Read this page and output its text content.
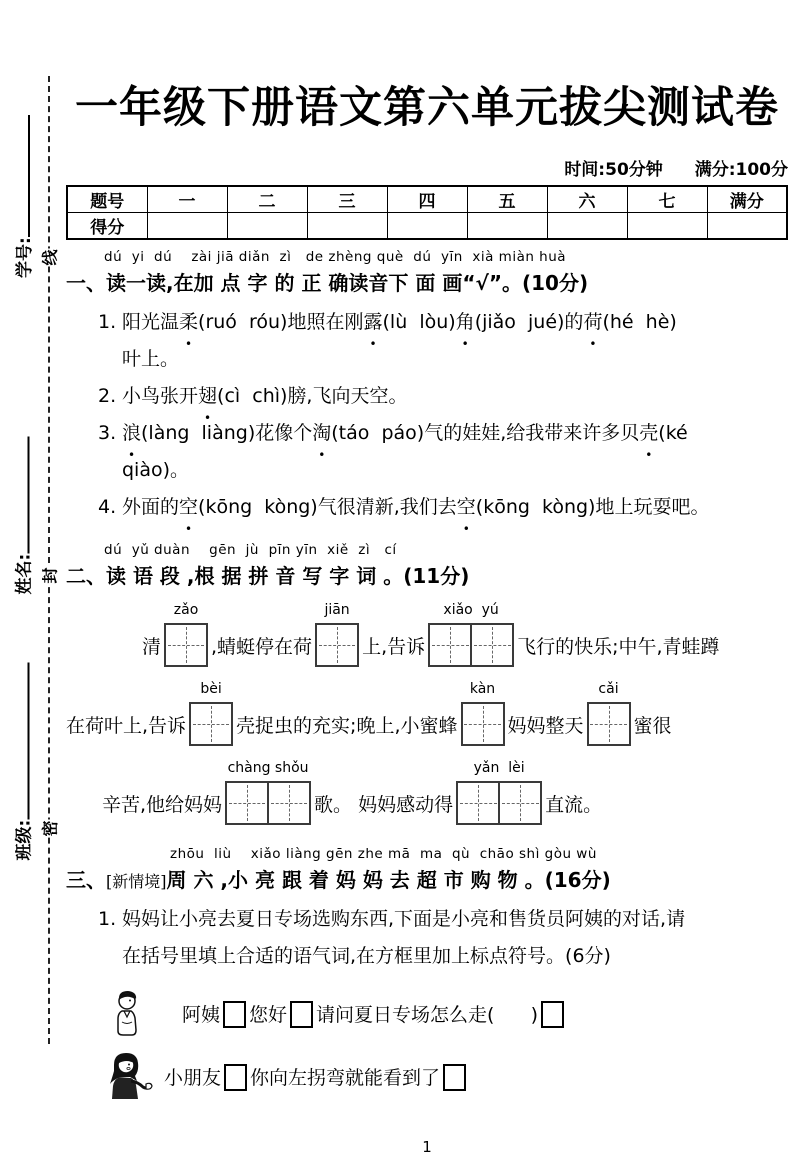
学号:
姓名:
班级:
线
封
密
一年级下册语文第六单元拔尖测试卷
时间:50分钟 满分:100分
题号	一	二	三	四	五	六	七	满分
得分								
dú  yi  dú    zài jiā diǎn  zì   de zhèng què  dú  yīn  xià miàn huà
一、读一读,在加 点 字 的 正 确读音下 面 画“√”。(10分)
1. 阳光温柔(ruó  róu)地照在刚露(lù  lòu)角(jiǎo  jué)的荷(hé  hè)
叶上。
2. 小鸟张开翅(cì  chì)膀,飞向天空。
3. 浪(làng  liàng)花像个淘(táo  páo)气的娃娃,给我带来许多贝壳(ké
qiào)。
4. 外面的空(kōng  kòng)气很清新,我们去空(kōng  kòng)地上玩耍吧。
dú  yǔ duàn    gēn  jù  pīn yīn  xiě  zì   cí
二、读 语 段 ,根 据 拼 音 写 字 词 。(11分)
清
zǎo
,蜻蜓停在荷
jiān
上,告诉
xiǎo  yú
飞行的快乐;中午,青蛙蹲
在荷叶上,告诉
bèi
壳捉虫的充实;晚上,小蜜蜂
kàn
妈妈整天
cǎi
蜜很
辛苦,他给妈妈
chàng shǒu
歌。 妈妈感动得
yǎn  lèi
直流。
zhōu  liù    xiǎo liàng gēn zhe mā  ma  qù  chāo shì gòu wù
三、[新情境]周 六 ,小 亮 跟 着 妈 妈 去 超 市 购 物 。(16分)
1. 妈妈让小亮去夏日专场选购东西,下面是小亮和售货员阿姨的对话,请
在括号里填上合适的语气词,在方框里加上标点符号。(6分)
阿姨 您好 请问夏日专场怎么走(      )
小朋友 你向左拐弯就能看到了
1
